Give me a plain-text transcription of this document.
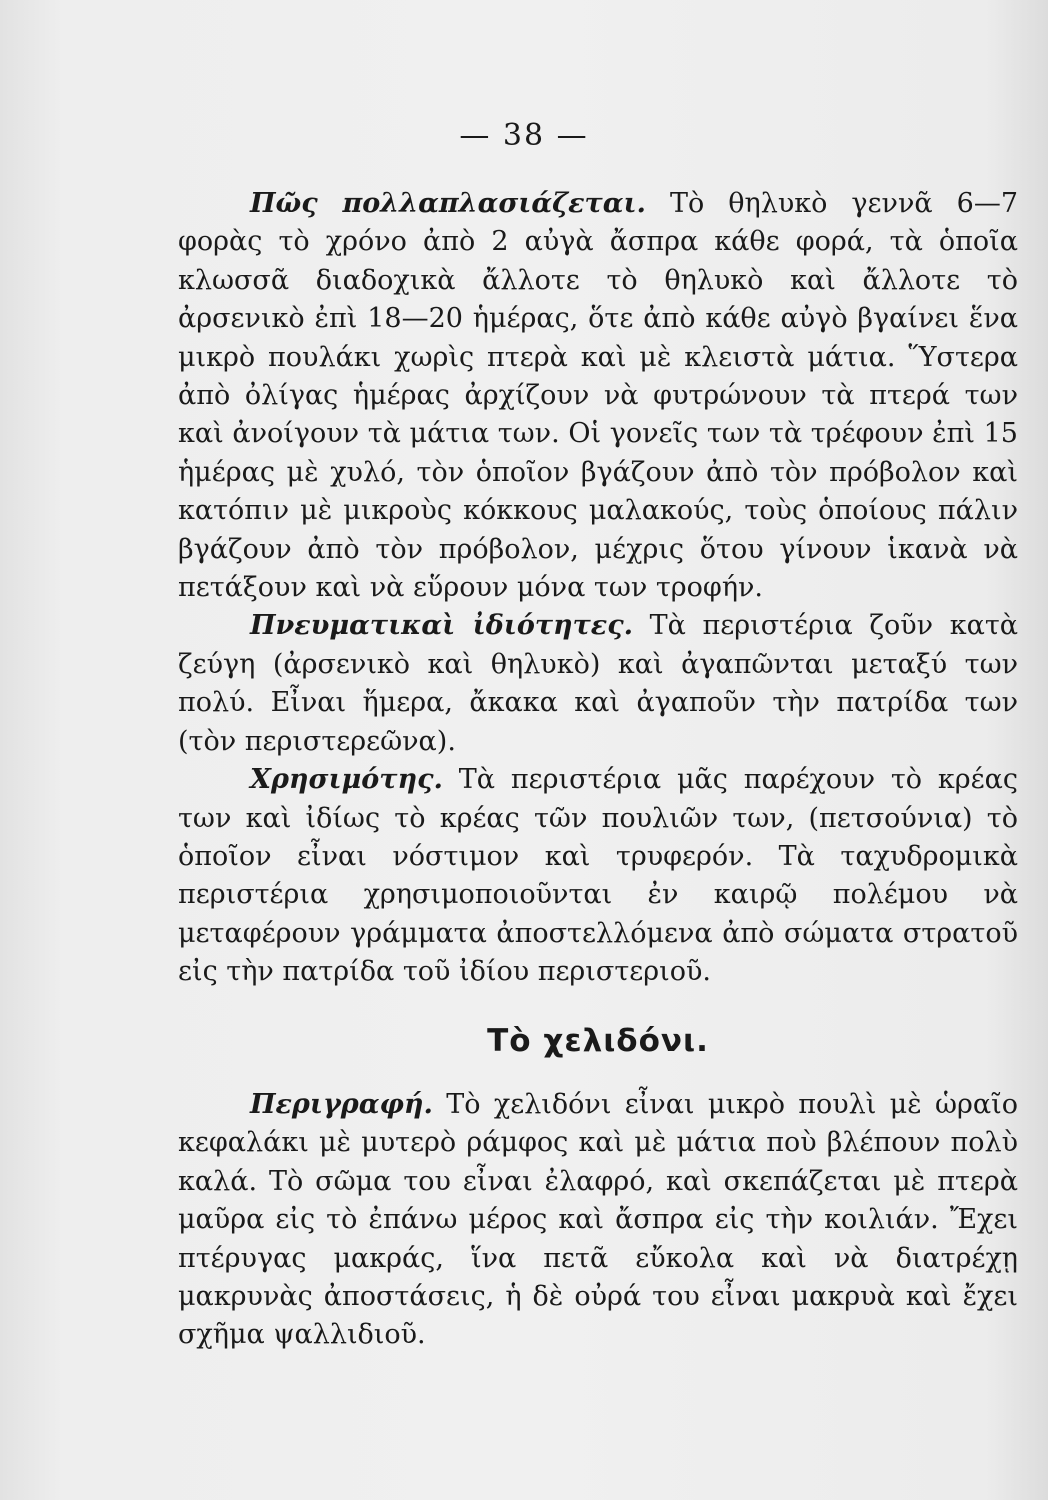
— 38 —

Πῶς πολλαπλασιάζεται. Τὸ θηλυκὸ γεννᾶ 6—7 φορὰς τὸ χρόνο ἀπὸ 2 αὐγὰ ἄσπρα κάθε φορά, τὰ ὁποῖα κλωσσᾶ διαδοχικὰ ἄλλοτε τὸ θηλυκὸ καὶ ἄλλοτε τὸ ἀρσενικὸ ἐπὶ 18—20 ἡμέρας, ὅτε ἀπὸ κάθε αὐγὸ βγαίνει ἕνα μικρὸ πουλάκι χωρὶς πτερὰ καὶ μὲ κλειστὰ μάτια. Ὕστερα ἀπὸ ὀλίγας ἡμέρας ἀρχίζουν νὰ φυτρώνουν τὰ πτερά των καὶ ἀνοίγουν τὰ μάτια των. Οἱ γονεῖς των τὰ τρέφουν ἐπὶ 15 ἡμέρας μὲ χυλό, τὸν ὁποῖον βγάζουν ἀπὸ τὸν πρόβολον καὶ κατόπιν μὲ μικροὺς κόκκους μαλακούς, τοὺς ὁποίους πάλιν βγάζουν ἀπὸ τὸν πρόβολον, μέχρις ὅτου γίνουν ἱκανὰ νὰ πετάξουν καὶ νὰ εὕρουν μόνα των τροφήν.

Πνευματικαὶ ἰδιότητες. Τὰ περιστέρια ζοῦν κατὰ ζεύγη (ἀρσενικὸ καὶ θηλυκὸ) καὶ ἀγαπῶνται μεταξύ των πολύ. Εἶναι ἥμερα, ἄκακα καὶ ἀγαποῦν τὴν πατρίδα των (τὸν περιστερεῶνα).

Χρησιμότης. Τὰ περιστέρια μᾶς παρέχουν τὸ κρέας των καὶ ἰδίως τὸ κρέας τῶν πουλιῶν των, (πετσούνια) τὸ ὁποῖον εἶναι νόστιμον καὶ τρυφερόν. Τὰ ταχυδρομικὰ περιστέρια χρησιμοποιοῦνται ἐν καιρῷ πολέμου νὰ μεταφέρουν γράμματα ἀποστελλόμενα ἀπὸ σώματα στρατοῦ εἰς τὴν πατρίδα τοῦ ἰδίου περιστεριοῦ.

Τὸ χελιδόνι.

Περιγραφή. Τὸ χελιδόνι εἶναι μικρὸ πουλὶ μὲ ὡραῖο κεφαλάκι μὲ μυτερὸ ράμφος καὶ μὲ μάτια ποὺ βλέπουν πολὺ καλά. Τὸ σῶμα του εἶναι ἐλαφρό, καὶ σκεπάζεται μὲ πτερὰ μαῦρα εἰς τὸ ἐπάνω μέρος καὶ ἄσπρα εἰς τὴν κοιλιάν. Ἔχει πτέρυγας μακράς, ἵνα πετᾶ εὔκολα καὶ νὰ διατρέχῃ μακρυνὰς ἀποστάσεις, ἡ δὲ οὐρά του εἶναι μακρυὰ καὶ ἔχει σχῆμα ψαλλιδιοῦ.
